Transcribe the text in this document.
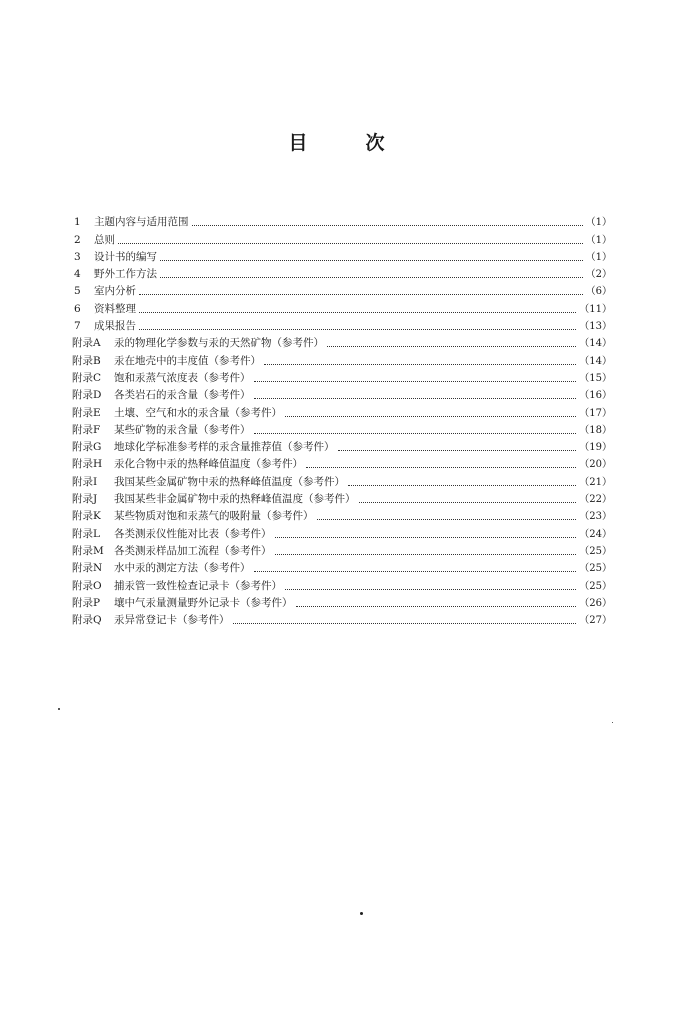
目	次
1	主题内容与适用范围	（1）
2	总则	（1）
3	设计书的编写	（1）
4	野外工作方法	（2）
5	室内分析	（6）
6	资料整理	（11）
7	成果报告	（13）
附录A	汞的物理化学参数与汞的天然矿物（参考件）	（14）
附录B	汞在地壳中的丰度值（参考件）	（14）
附录C	饱和汞蒸气浓度表（参考件）	（15）
附录D	各类岩石的汞含量（参考件）	（16）
附录E	土壤、空气和水的汞含量（参考件）	（17）
附录F	某些矿物的汞含量（参考件）	（18）
附录G	地球化学标准参考样的汞含量推荐值（参考件）	（19）
附录H	汞化合物中汞的热释峰值温度（参考件）	（20）
附录I	我国某些金属矿物中汞的热释峰值温度（参考件）	（21）
附录J	我国某些非金属矿物中汞的热释峰值温度（参考件）	（22）
附录K	某些物质对饱和汞蒸气的吸附量（参考件）	（23）
附录L	各类测汞仪性能对比表（参考件）	（24）
附录M 各类测汞样品加工流程（参考件）	（25）
附录N	水中汞的测定方法（参考件）	（25）
附录O	捕汞管一致性检查记录卡（参考件）	（25）
附录P	壤中气汞量测量野外记录卡（参考件）	（26）
附录Q	汞异常登记卡（参考件）	（27）
